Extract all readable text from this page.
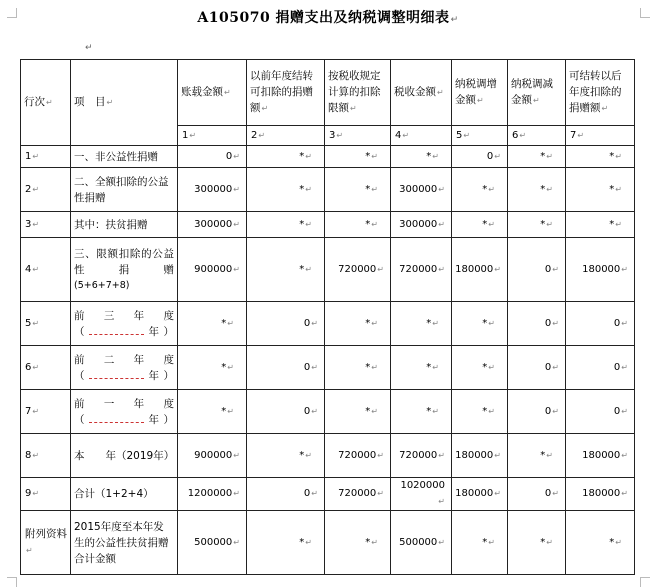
A105070 捐赠支出及纳税调整明细表↵
↵
行次↵	项　目↵	账载金额↵	以前年度结转可扣除的捐赠额↵	按税收规定计算的扣除限额↵	税收金额↵	纳税调增金额↵	纳税调减金额↵	可结转以后年度扣除的捐赠额↵
		1↵	2↵	3↵	4↵	5↵	6↵	7↵
1↵	一、非公益性捐赠	0↵	*↵	*↵	*↵	0↵	*↵	*↵
2↵	二、全额扣除的公益性捐赠	300000↵	*↵	*↵	300000↵	*↵	*↵	*↵
3↵	其中：扶贫捐赠	300000↵	*↵	*↵	300000↵	*↵	*↵	*↵
4↵	三、限额扣除的公益性捐赠
(5+6+7+8)	900000↵	*↵	720000↵	720000↵	180000↵	0↵	180000↵
5↵	前三年度
（ 年）	*↵	0↵	*↵	*↵	*↵	0↵	0↵
6↵	前二年度
（ 年）	*↵	0↵	*↵	*↵	*↵	0↵	0↵
7↵	前一年度
（ 年）	*↵	0↵	*↵	*↵	*↵	0↵	0↵
8↵	本　　年（2019年）	900000↵	*↵	720000↵	720000↵	180000↵	*↵	180000↵
9↵	合计（1+2+4）	1200000↵	0↵	720000↵	1020000↵	180000↵	0↵	180000↵
附列资料↵	2015年度至本年发生的公益性扶贫捐赠合计金额	500000↵	*↵	*↵	500000↵	*↵	*↵	*↵
